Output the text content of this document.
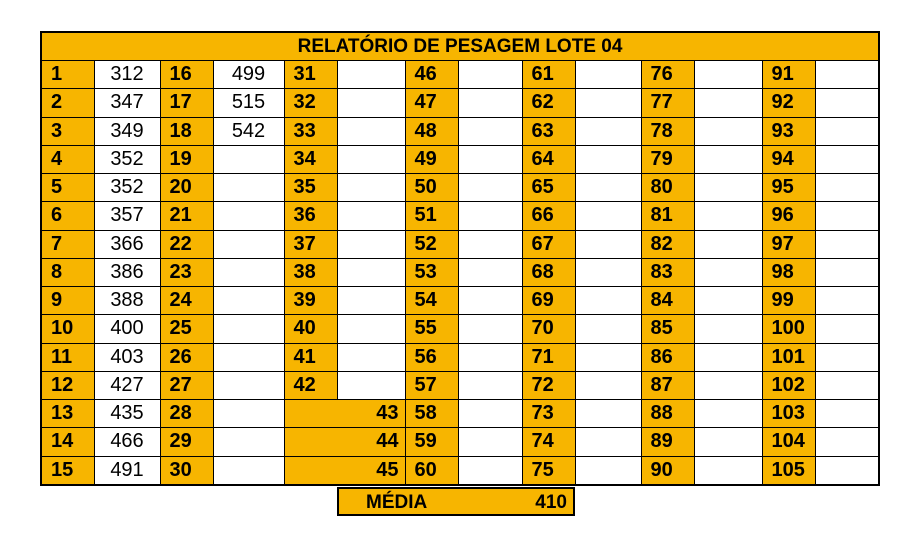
RELATÓRIO DE PESAGEM LOTE 04													
1	312	16	499	31		46		61		76		91	
2	347	17	515	32		47		62		77		92	
3	349	18	542	33		48		63		78		93	
4	352	19		34		49		64		79		94	
5	352	20		35		50		65		80		95	
6	357	21		36		51		66		81		96	
7	366	22		37		52		67		82		97	
8	386	23		38		53		68		83		98	
9	388	24		39		54		69		84		99	
10	400	25		40		55		70		85		100	
11	403	26		41		56		71		86		101	
12	427	27		42		57		72		87		102	
13	435	28		43		58		73		88		103	
14	466	29		44		59		74		89		104	
15	491	30		45		60		75		90		105	
MÉDIA	410
